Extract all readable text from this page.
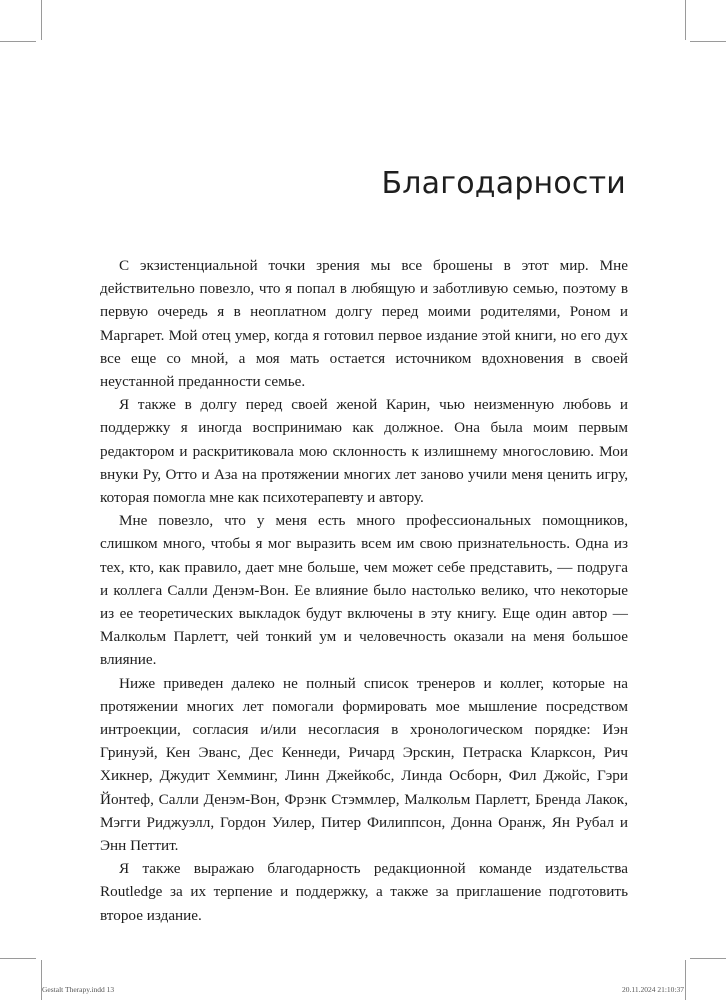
Благодарности

С экзистенциальной точки зрения мы все брошены в этот мир. Мне действительно повезло, что я попал в любящую и заботливую семью, поэтому в первую очередь я в неоплатном долгу перед моими родителями, Роном и Маргарет. Мой отец умер, когда я готовил первое издание этой книги, но его дух все еще со мной, а моя мать остается источником вдохновения в своей неустанной преданности семье.

Я также в долгу перед своей женой Карин, чью неизменную любовь и поддержку я иногда воспринимаю как должное. Она была моим первым редактором и раскритиковала мою склонность к излишнему многословию. Мои внуки Ру, Отто и Аза на протяжении многих лет заново учили меня ценить игру, которая помогла мне как психотерапевту и автору.

Мне повезло, что у меня есть много профессиональных помощников, слишком много, чтобы я мог выразить всем им свою признательность. Одна из тех, кто, как правило, дает мне больше, чем может себе представить, — подруга и коллега Салли Денэм-Вон. Ее влияние было настолько велико, что некоторые из ее теоретических выкладок будут включены в эту книгу. Еще один автор — Малкольм Парлетт, чей тонкий ум и человечность оказали на меня большое влияние.

Ниже приведен далеко не полный список тренеров и коллег, которые на протяжении многих лет помогали формировать мое мышление посредством интроекции, согласия и/или несогласия в хронологическом порядке: Иэн Гринуэй, Кен Эванс, Дес Кеннеди, Ричард Эрскин, Петраска Кларксон, Рич Хикнер, Джудит Хемминг, Линн Джейкобс, Линда Осборн, Фил Джойс, Гэри Йонтеф, Салли Денэм-Вон, Фрэнк Стэммлер, Малкольм Парлетт, Бренда Лакок, Мэгги Риджуэлл, Гордон Уилер, Питер Филиппсон, Донна Оранж, Ян Рубал и Энн Петтит.

Я также выражаю благодарность редакционной команде издательства Routledge за их терпение и поддержку, а также за приглашение подготовить второе издание.

Gestalt Therapy.indd 13	20.11.2024 21:10:37
